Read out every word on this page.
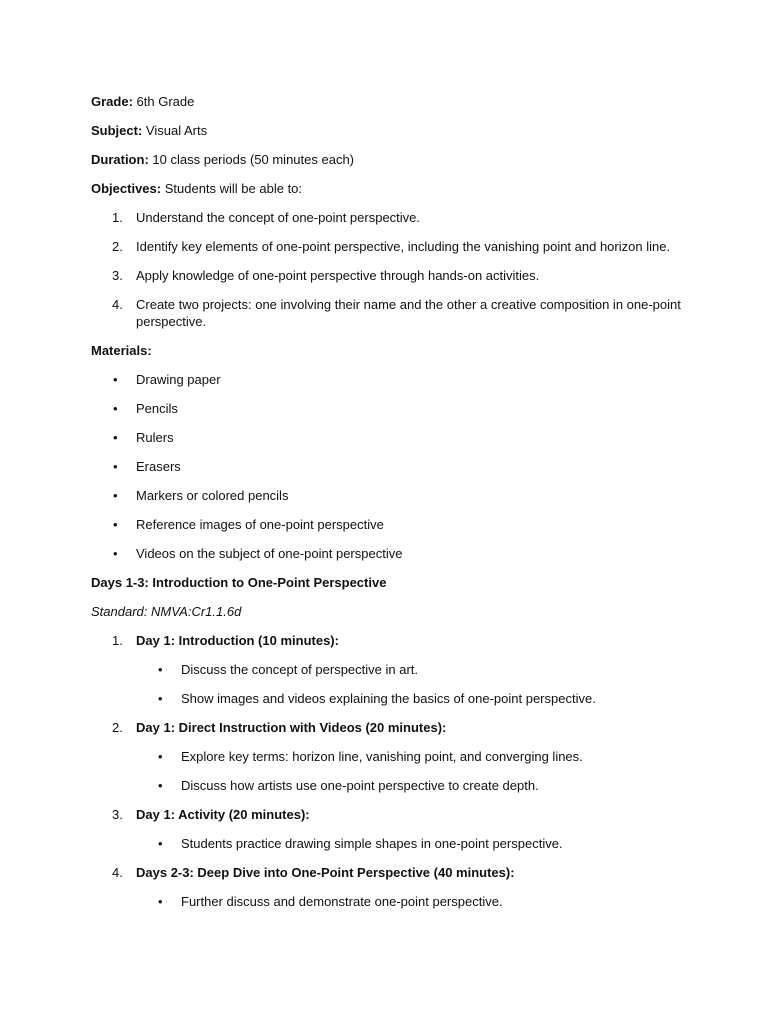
Grade: 6th Grade

Subject: Visual Arts

Duration: 10 class periods (50 minutes each)

Objectives: Students will be able to:

1.	Understand the concept of one-point perspective.
2.	Identify key elements of one-point perspective, including the vanishing point and horizon line.
3.	Apply knowledge of one-point perspective through hands-on activities.
4.	Create two projects: one involving their name and the other a creative composition in one-point perspective.

Materials:

• Drawing paper
• Pencils
• Rulers
• Erasers
• Markers or colored pencils
• Reference images of one-point perspective
• Videos on the subject of one-point perspective

Days 1-3: Introduction to One-Point Perspective

Standard: NMVA:Cr1.1.6d

1.	Day 1: Introduction (10 minutes):
• Discuss the concept of perspective in art.
• Show images and videos explaining the basics of one-point perspective.
2.	Day 1: Direct Instruction with Videos (20 minutes):
• Explore key terms: horizon line, vanishing point, and converging lines.
• Discuss how artists use one-point perspective to create depth.
3.	Day 1: Activity (20 minutes):
• Students practice drawing simple shapes in one-point perspective.
4.	Days 2-3: Deep Dive into One-Point Perspective (40 minutes):
• Further discuss and demonstrate one-point perspective.
